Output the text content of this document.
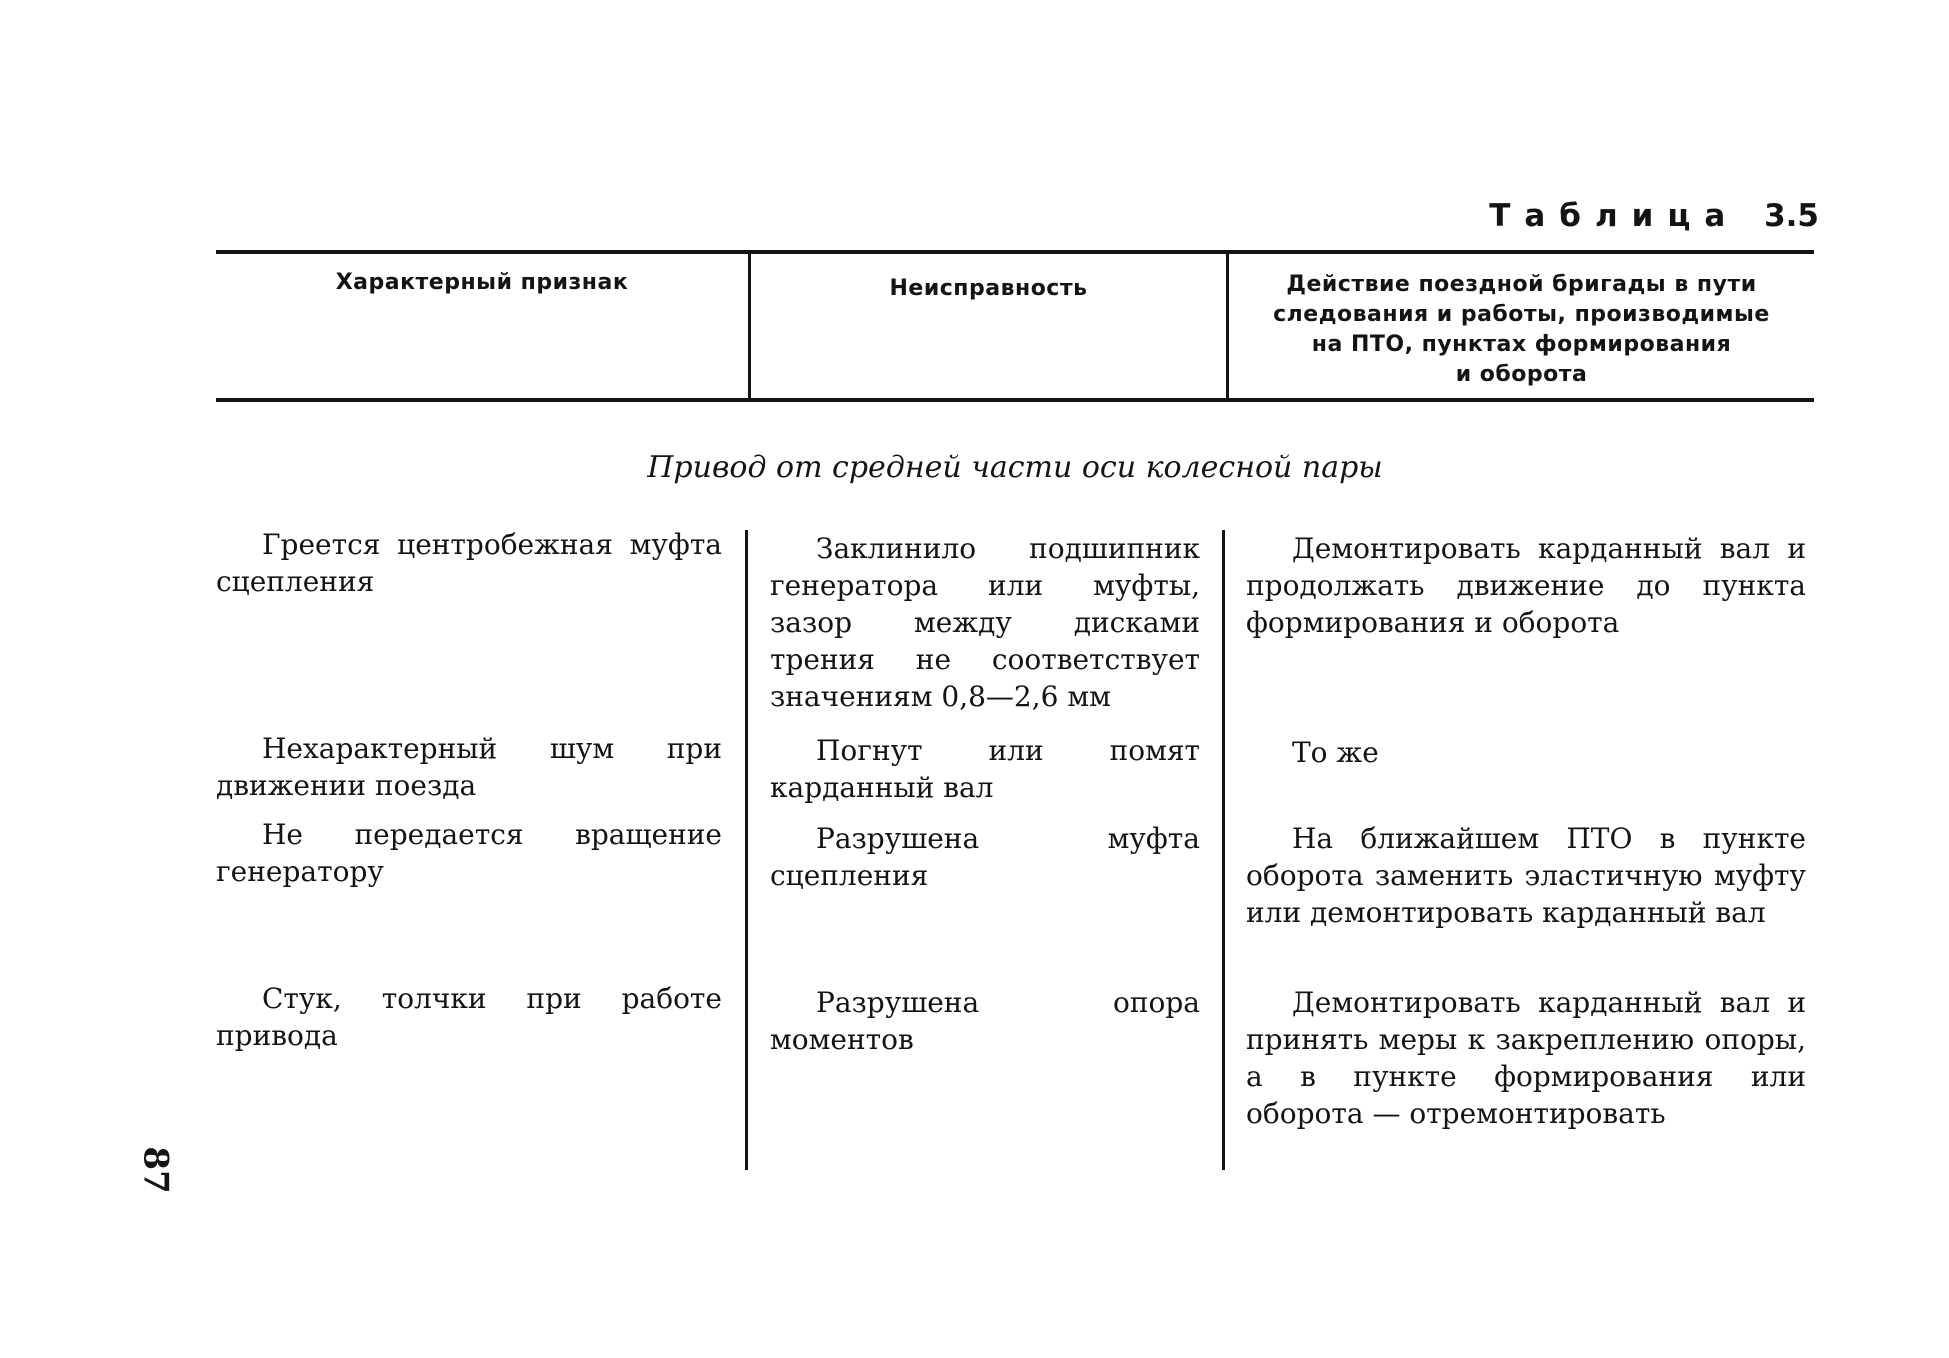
Таблица 3.5
Характерный признак	Неисправность	Действие поездной бригады в пути
следования и работы, производимые
на ПТО, пунктах формирования
и оборота
Привод от средней части оси колесной пары
Греется центробежная муфта сцепления
Заклинило подшипник генератора или муфты, зазор между дисками трения не соответствует значениям 0,8—2,6 мм
Демонтировать карданный вал и продолжать движение до пункта формирования и оборота
Нехарактерный шум при движении поезда
Погнут или помят карданный вал
То же
Не передается вращение генератору
Разрушена муфта сцепления
На ближайшем ПТО в пункте оборота заменить эластичную муфту или демонтировать карданный вал
Стук, толчки при работе привода
Разрушена опора моментов
Демонтировать карданный вал и принять меры к закреплению опоры, а в пункте формирования или оборота — отремонтировать
87
